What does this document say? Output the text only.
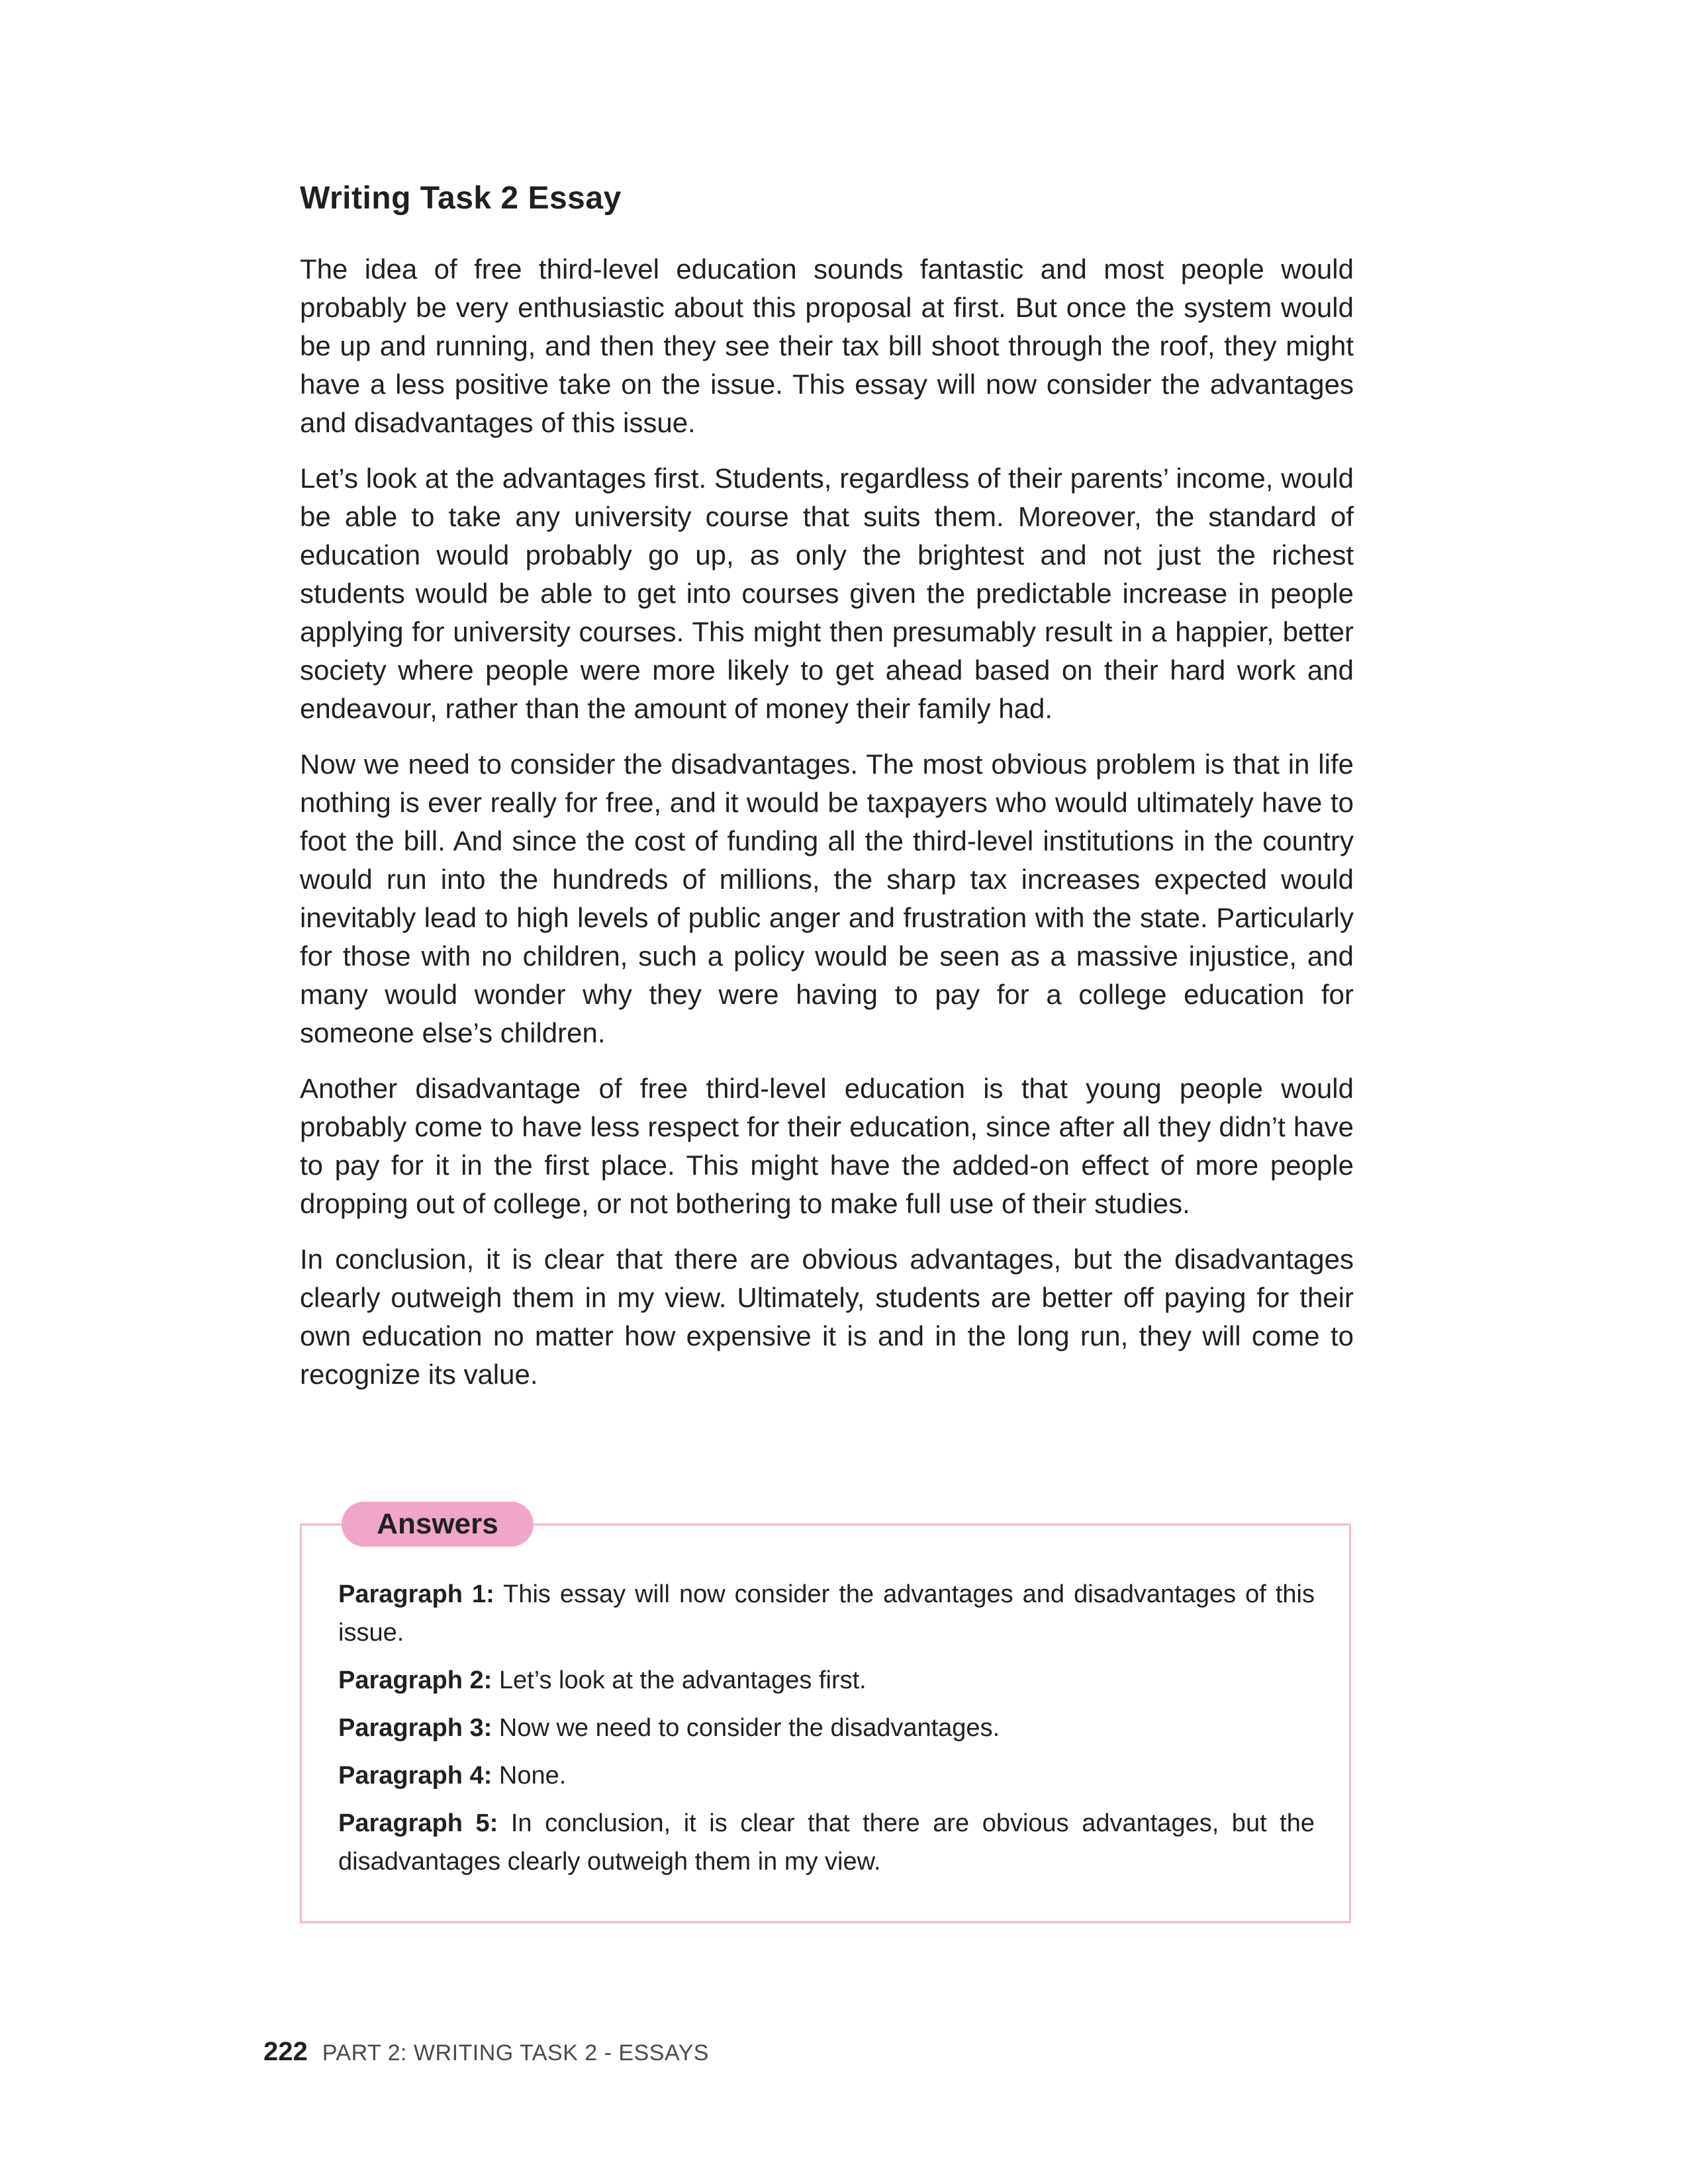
Writing Task 2 Essay

The idea of free third-level education sounds fantastic and most people would probably be very enthusiastic about this proposal at first. But once the system would be up and running, and then they see their tax bill shoot through the roof, they might have a less positive take on the issue. This essay will now consider the advantages and disadvantages of this issue.

Let’s look at the advantages first. Students, regardless of their parents’ income, would be able to take any university course that suits them. Moreover, the standard of education would probably go up, as only the brightest and not just the richest students would be able to get into courses given the predictable increase in people applying for university courses. This might then presumably result in a happier, better society where people were more likely to get ahead based on their hard work and endeavour, rather than the amount of money their family had.

Now we need to consider the disadvantages. The most obvious problem is that in life nothing is ever really for free, and it would be taxpayers who would ultimately have to foot the bill. And since the cost of funding all the third-level institutions in the country would run into the hundreds of millions, the sharp tax increases expected would inevitably lead to high levels of public anger and frustration with the state. Particularly for those with no children, such a policy would be seen as a massive injustice, and many would wonder why they were having to pay for a college education for someone else’s children.

Another disadvantage of free third-level education is that young people would probably come to have less respect for their education, since after all they didn’t have to pay for it in the first place. This might have the added-on effect of more people dropping out of college, or not bothering to make full use of their studies.

In conclusion, it is clear that there are obvious advantages, but the disadvantages clearly outweigh them in my view. Ultimately, students are better off paying for their own education no matter how expensive it is and in the long run, they will come to recognize its value.

Answers

Paragraph 1: This essay will now consider the advantages and disadvantages of this issue.

Paragraph 2: Let’s look at the advantages first.

Paragraph 3: Now we need to consider the disadvantages.

Paragraph 4: None.

Paragraph 5: In conclusion, it is clear that there are obvious advantages, but the disadvantages clearly outweigh them in my view.

222 PART 2: WRITING TASK 2 - ESSAYS
